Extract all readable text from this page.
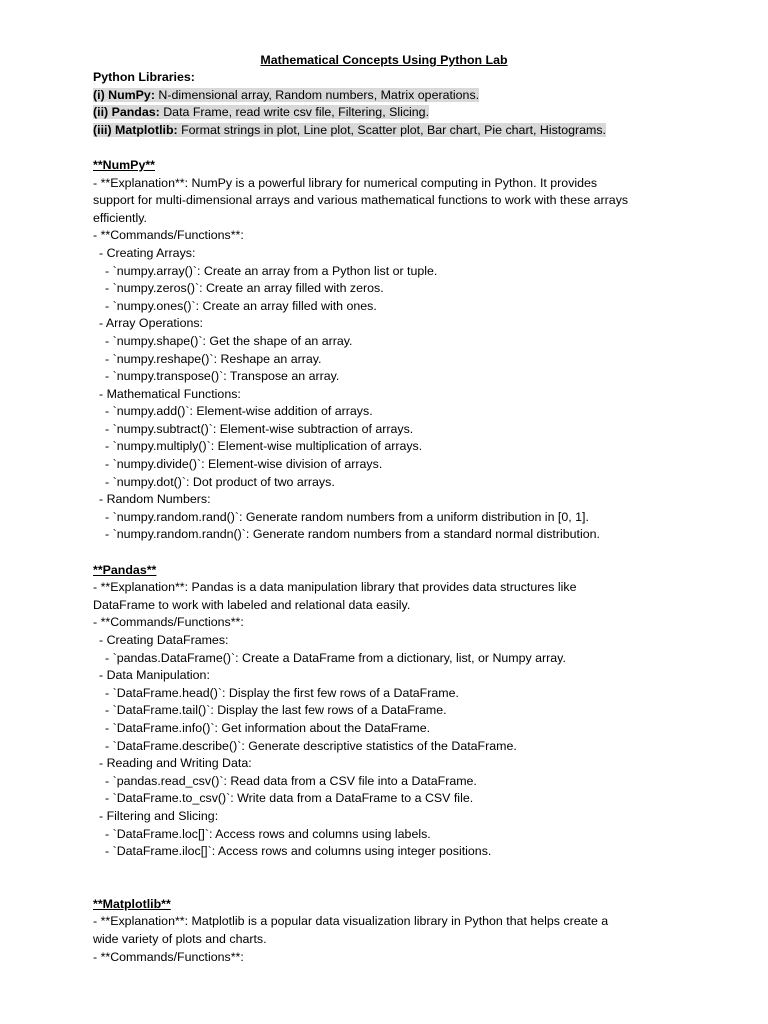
Mathematical Concepts Using Python Lab
Python Libraries:
(i) NumPy: N-dimensional array, Random numbers, Matrix operations.
(ii) Pandas: Data Frame, read write csv file, Filtering, Slicing.
(iii) Matplotlib: Format strings in plot, Line plot, Scatter plot, Bar chart, Pie chart, Histograms.
**NumPy**
- **Explanation**: NumPy is a powerful library for numerical computing in Python. It provides
support for multi-dimensional arrays and various mathematical functions to work with these arrays
efficiently.
- **Commands/Functions**:
- Creating Arrays:
- `numpy.array()`: Create an array from a Python list or tuple.
- `numpy.zeros()`: Create an array filled with zeros.
- `numpy.ones()`: Create an array filled with ones.
- Array Operations:
- `numpy.shape()`: Get the shape of an array.
- `numpy.reshape()`: Reshape an array.
- `numpy.transpose()`: Transpose an array.
- Mathematical Functions:
- `numpy.add()`: Element-wise addition of arrays.
- `numpy.subtract()`: Element-wise subtraction of arrays.
- `numpy.multiply()`: Element-wise multiplication of arrays.
- `numpy.divide()`: Element-wise division of arrays.
- `numpy.dot()`: Dot product of two arrays.
- Random Numbers:
- `numpy.random.rand()`: Generate random numbers from a uniform distribution in [0, 1].
- `numpy.random.randn()`: Generate random numbers from a standard normal distribution.
**Pandas**
- **Explanation**: Pandas is a data manipulation library that provides data structures like
DataFrame to work with labeled and relational data easily.
- **Commands/Functions**:
- Creating DataFrames:
- `pandas.DataFrame()`: Create a DataFrame from a dictionary, list, or Numpy array.
- Data Manipulation:
- `DataFrame.head()`: Display the first few rows of a DataFrame.
- `DataFrame.tail()`: Display the last few rows of a DataFrame.
- `DataFrame.info()`: Get information about the DataFrame.
- `DataFrame.describe()`: Generate descriptive statistics of the DataFrame.
- Reading and Writing Data:
- `pandas.read_csv()`: Read data from a CSV file into a DataFrame.
- `DataFrame.to_csv()`: Write data from a DataFrame to a CSV file.
- Filtering and Slicing:
- `DataFrame.loc[]`: Access rows and columns using labels.
- `DataFrame.iloc[]`: Access rows and columns using integer positions.
**Matplotlib**
- **Explanation**: Matplotlib is a popular data visualization library in Python that helps create a
wide variety of plots and charts.
- **Commands/Functions**:
